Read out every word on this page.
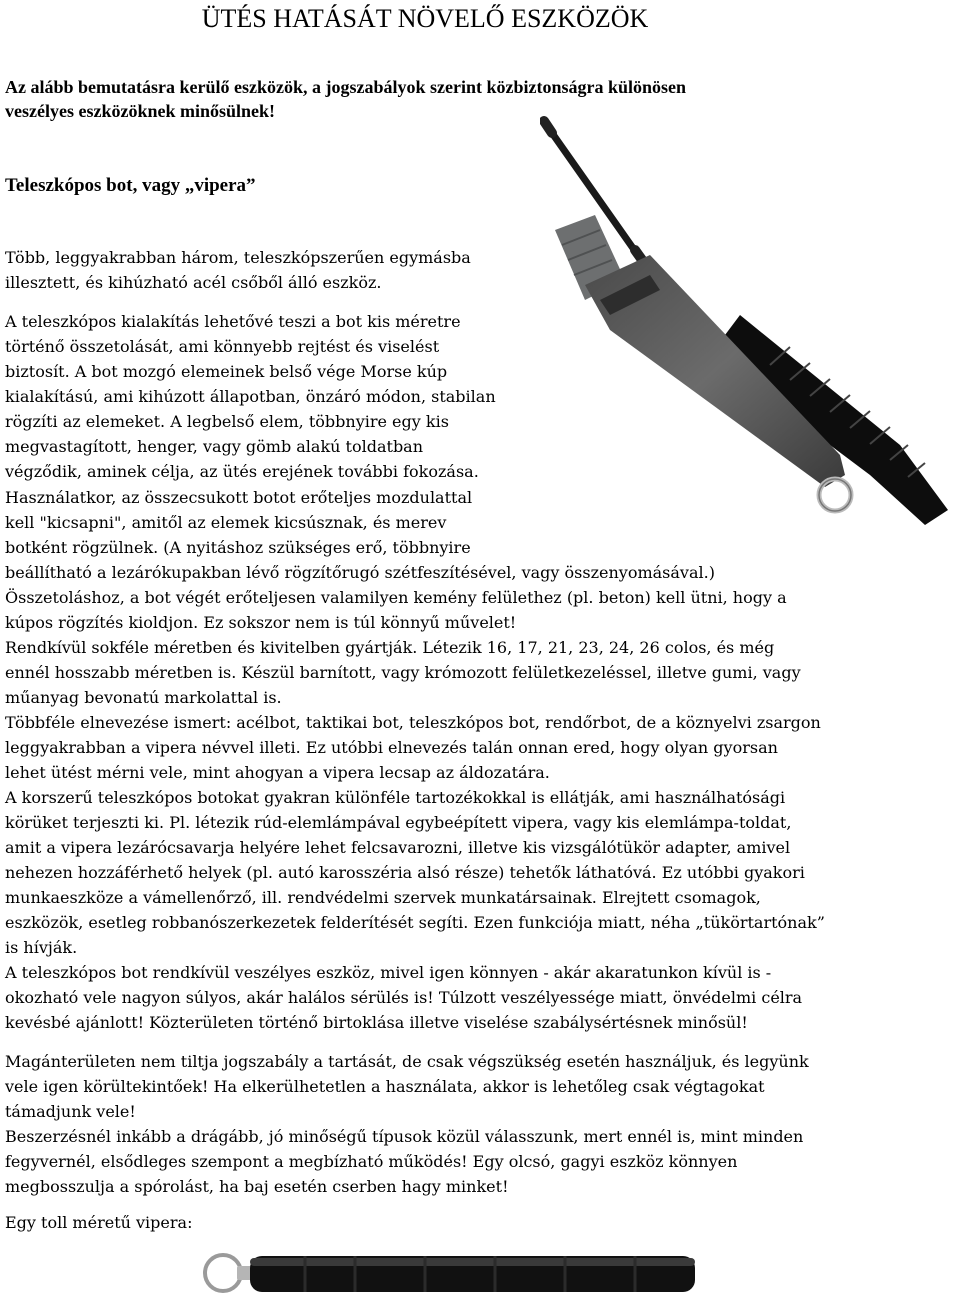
ÜTÉS HATÁSÁT NÖVELŐ ESZKÖZÖK
Az alább bemutatásra kerülő eszközök, a jogszabályok szerint közbiztonságra különösen
veszélyes eszközöknek minősülnek!
Teleszkópos bot, vagy „vipera”
Több, leggyakrabban három, teleszkópszerűen egymásba
illesztett, és kihúzható acél csőből álló eszköz.
A teleszkópos kialakítás lehetővé teszi a bot kis méretre
történő összetolását, ami könnyebb rejtést és viselést
biztosít. A bot mozgó elemeinek belső vége Morse kúp
kialakítású, ami kihúzott állapotban, önzáró módon, stabilan
rögzíti az elemeket. A legbelső elem, többnyire egy kis
megvastagított, henger, vagy gömb alakú toldatban
végződik, aminek célja, az ütés erejének további fokozása.
Használatkor, az összecsukott botot erőteljes mozdulattal
kell "kicsapni", amitől az elemek kicsúsznak, és merev
botként rögzülnek. (A nyitáshoz szükséges erő, többnyire
beállítható a lezárókupakban lévő rögzítőrugó szétfeszítésével, vagy összenyomásával.)
Összetoláshoz, a bot végét erőteljesen valamilyen kemény felülethez (pl. beton) kell ütni, hogy a
kúpos rögzítés kioldjon. Ez sokszor nem is túl könnyű művelet!
Rendkívül sokféle méretben és kivitelben gyártják. Létezik 16, 17, 21, 23, 24, 26 colos, és még
ennél hosszabb méretben is. Készül barnított, vagy krómozott felületkezeléssel, illetve gumi, vagy
műanyag bevonatú markolattal is.
Többféle elnevezése ismert: acélbot, taktikai bot, teleszkópos bot, rendőrbot, de a köznyelvi zsargon
leggyakrabban a vipera névvel illeti. Ez utóbbi elnevezés talán onnan ered, hogy olyan gyorsan
lehet ütést mérni vele, mint ahogyan a vipera lecsap az áldozatára.
A korszerű teleszkópos botokat gyakran különféle tartozékokkal is ellátják, ami használhatósági
körüket terjeszti ki. Pl. létezik rúd-elemlámpával egybeépített vipera, vagy kis elemlámpa-toldat,
amit a vipera lezárócsavarja helyére lehet felcsavarozni, illetve kis vizsgálótükör adapter, amivel
nehezen hozzáférhető helyek (pl. autó karosszéria alsó része) tehetők láthatóvá. Ez utóbbi gyakori
munkaeszköze a vámellenőrző, ill. rendvédelmi szervek munkatársainak. Elrejtett csomagok,
eszközök, esetleg robbanószerkezetek felderítését segíti. Ezen funkciója miatt, néha „tükörtartónak”
is hívják.
A teleszkópos bot rendkívül veszélyes eszköz, mivel igen könnyen - akár akaratunkon kívül is -
okozható vele nagyon súlyos, akár halálos sérülés is! Túlzott veszélyessége miatt, önvédelmi célra
kevésbé ajánlott! Közterületen történő birtoklása illetve viselése szabálysértésnek minősül!
Magánterületen nem tiltja jogszabály a tartását, de csak végszükség esetén használjuk, és legyünk
vele igen körültekintőek! Ha elkerülhetetlen a használata, akkor is lehetőleg csak végtagokat
támadjunk vele!
Beszerzésnél inkább a drágább, jó minőségű típusok közül válasszunk, mert ennél is, mint minden
fegyvernél, elsődleges szempont a megbízható működés! Egy olcsó, gagyi eszköz könnyen
megbosszulja a spórolást, ha baj esetén cserben hagy minket!
Egy toll méretű vipera:
